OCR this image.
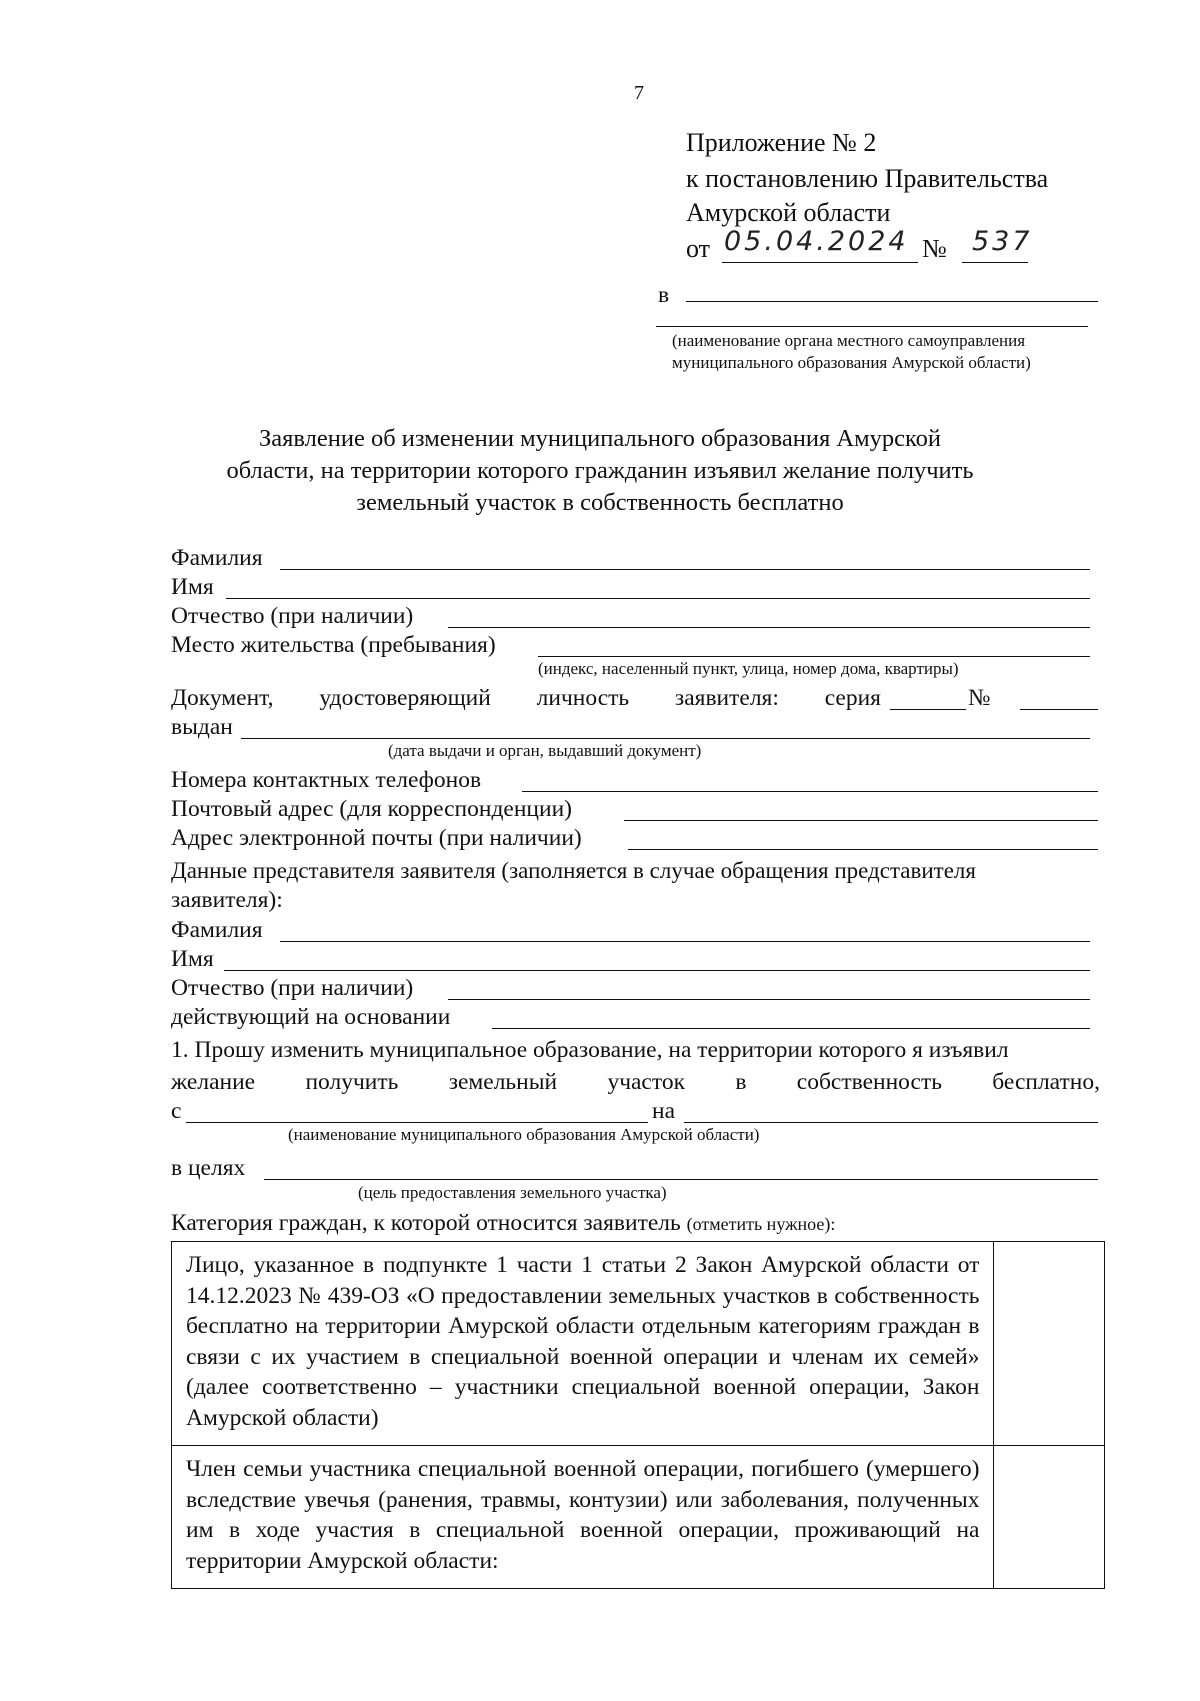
7
Приложение № 2
к постановлению Правительства
Амурской области
от 05.04.2024 № 537
в
(наименование органа местного самоуправления
муниципального образования Амурской области)
Заявление об изменении муниципального образования Амурской
области, на территории которого гражданин изъявил желание получить
земельный участок в собственность бесплатно
Фамилия
Имя
Отчество (при наличии)
Место жительства (пребывания)
(индекс, населенный пункт, улица, номер дома, квартиры)
Документ, удостоверяющий личность заявителя: серия	№
выдан
(дата выдачи и орган, выдавший документ)
Номера контактных телефонов
Почтовый адрес (для корреспонденции)
Адрес электронной почты (при наличии)
Данные представителя заявителя (заполняется в случае обращения представителя
заявителя):
Фамилия
Имя
Отчество (при наличии)
действующий на основании
1. Прошу изменить муниципальное образование, на территории которого я изъявил
желание получить земельный участок в собственность бесплатно,
с	на
(наименование муниципального образования Амурской области)
в целях
(цель предоставления земельного участка)
Категория граждан, к которой относится заявитель (отметить нужное):
Лицо, указанное в подпункте 1 части 1 статьи 2 Закон Амурской области от 14.12.2023 № 439-ОЗ «О предоставлении земельных участков в собственность бесплатно на территории Амурской области отдельным категориям граждан в связи с их участием в специальной военной операции и членам их семей» (далее соответственно – участники специальной военной операции, Закон Амурской области)	
Член семьи участника специальной военной операции, погибшего (умершего) вследствие увечья (ранения, травмы, контузии) или заболевания, полученных им в ходе участия в специальной военной операции, проживающий на территории Амурской области:	
